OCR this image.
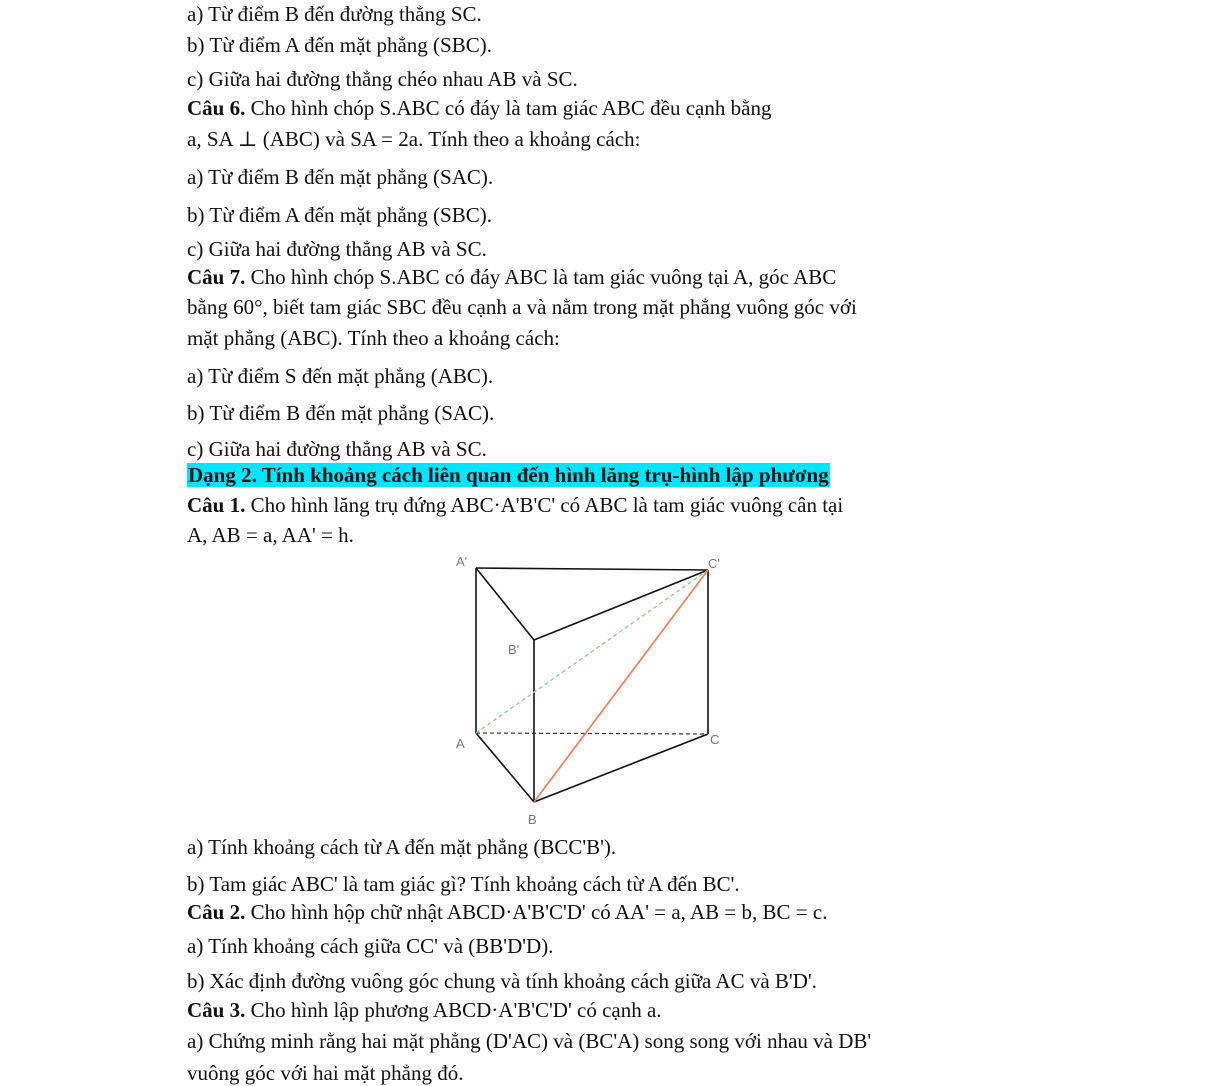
a) Từ điểm B đến đường thẳng SC.
b) Từ điểm A đến mặt phẳng (SBC).
c) Giữa hai đường thẳng chéo nhau AB và SC.
Câu 6. Cho hình chóp S.ABC có đáy là tam giác ABC đều cạnh bằng
a, SA ⊥ (ABC) và SA = 2a. Tính theo a khoảng cách:
a) Từ điểm B đến mặt phẳng (SAC).
b) Từ điểm A đến mặt phẳng (SBC).
c) Giữa hai đường thẳng AB và SC.
Câu 7. Cho hình chóp S.ABC có đáy ABC là tam giác vuông tại A, góc ABC
bằng 60°, biết tam giác SBC đều cạnh a và nằm trong mặt phẳng vuông góc với
mặt phẳng (ABC). Tính theo a khoảng cách:
a) Từ điểm S đến mặt phẳng (ABC).
b) Từ điểm B đến mặt phẳng (SAC).
c) Giữa hai đường thẳng AB và SC.
Câu 1. Cho hình lăng trụ đứng ABC·A'B'C' có ABC là tam giác vuông cân tại
A, AB = a, AA' = h.
a) Tính khoảng cách từ A đến mặt phẳng (BCC'B').
b) Tam giác ABC' là tam giác gì? Tính khoảng cách từ A đến BC'.
Câu 2. Cho hình hộp chữ nhật ABCD·A'B'C'D' có AA' = a, AB = b, BC = c.
a) Tính khoảng cách giữa CC' và (BB'D'D).
b) Xác định đường vuông góc chung và tính khoảng cách giữa AC và B'D'.
Câu 3. Cho hình lập phương ABCD·A'B'C'D' có cạnh a.
a) Chứng minh rằng hai mặt phẳng (D'AC) và (BC'A) song song với nhau và DB'
vuông góc với hai mặt phẳng đó.
Dạng 2. Tính khoảng cách liên quan đến hình lăng trụ-hình lập phương
A'	C'
B'
A	C
B
